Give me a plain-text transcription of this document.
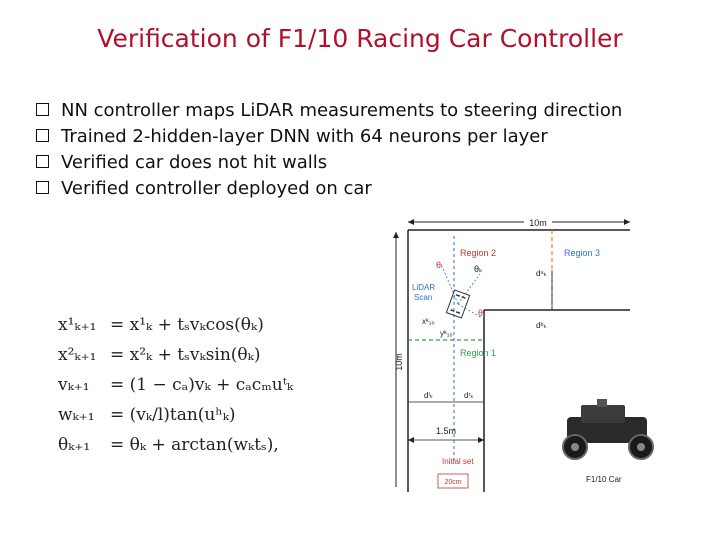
Verification of F1/10 Racing Car Controller
NN controller maps LiDAR measurements to steering direction
Trained 2-hidden-layer DNN with 64 neurons per layer
Verified car does not hit walls
Verified controller deployed on car
x¹ₖ₊₁ = x¹ₖ + tₛvₖcos(θₖ)
x²ₖ₊₁ = x²ₖ + tₛvₖsin(θₖ)
vₖ₊₁ = (1 − cₐ)vₖ + cₐcₘuᵗₖ
wₖ₊₁ = (vₖ/l)tan(uʰₖ)
θₖ₊₁ = θₖ + arctan(wₖtₛ),
10m
10m
Region 2	Region 3
Region 1
LiDAR
Scan
θₗ	θₖ
θᵣ
xᵏ₁₀
yᵏ₁₀
dᵘₖ
dᵇₖ
dˡₖ	dʳₖ
1.5m
Initial set
20cm	F1/10 Car
